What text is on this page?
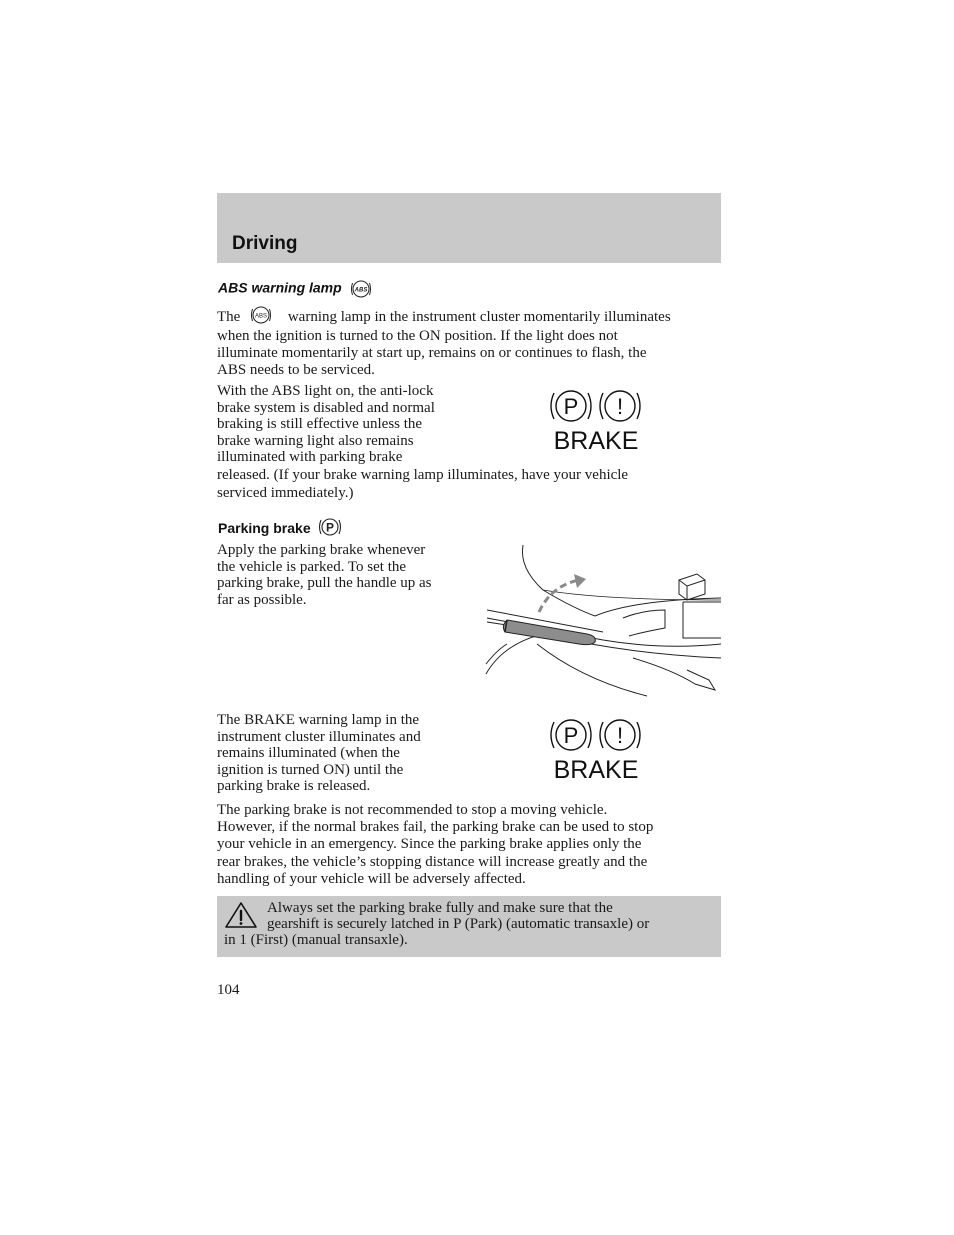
Driving
ABS warning lamp ABS
The ABS warning lamp in the instrument cluster momentarily illuminates
when the ignition is turned to the ON position. If the light does not
illuminate momentarily at start up, remains on or continues to flash, the
ABS needs to be serviced.
With the ABS light on, the anti-lock
brake system is disabled and normal
braking is still effective unless the
brake warning light also remains
illuminated with parking brake
released. (If your brake warning lamp illuminates, have your vehicle
serviced immediately.)
P !
BRAKE
Parking brake P
Apply the parking brake whenever
the vehicle is parked. To set the
parking brake, pull the handle up as
far as possible.
The BRAKE warning lamp in the
instrument cluster illuminates and
remains illuminated (when the
ignition is turned ON) until the
parking brake is released.
P !
BRAKE
The parking brake is not recommended to stop a moving vehicle.
However, if the normal brakes fail, the parking brake can be used to stop
your vehicle in an emergency. Since the parking brake applies only the
rear brakes, the vehicle’s stopping distance will increase greatly and the
handling of your vehicle will be adversely affected.
Always set the parking brake fully and make sure that the
gearshift is securely latched in P (Park) (automatic transaxle) or
in 1 (First) (manual transaxle).
104
